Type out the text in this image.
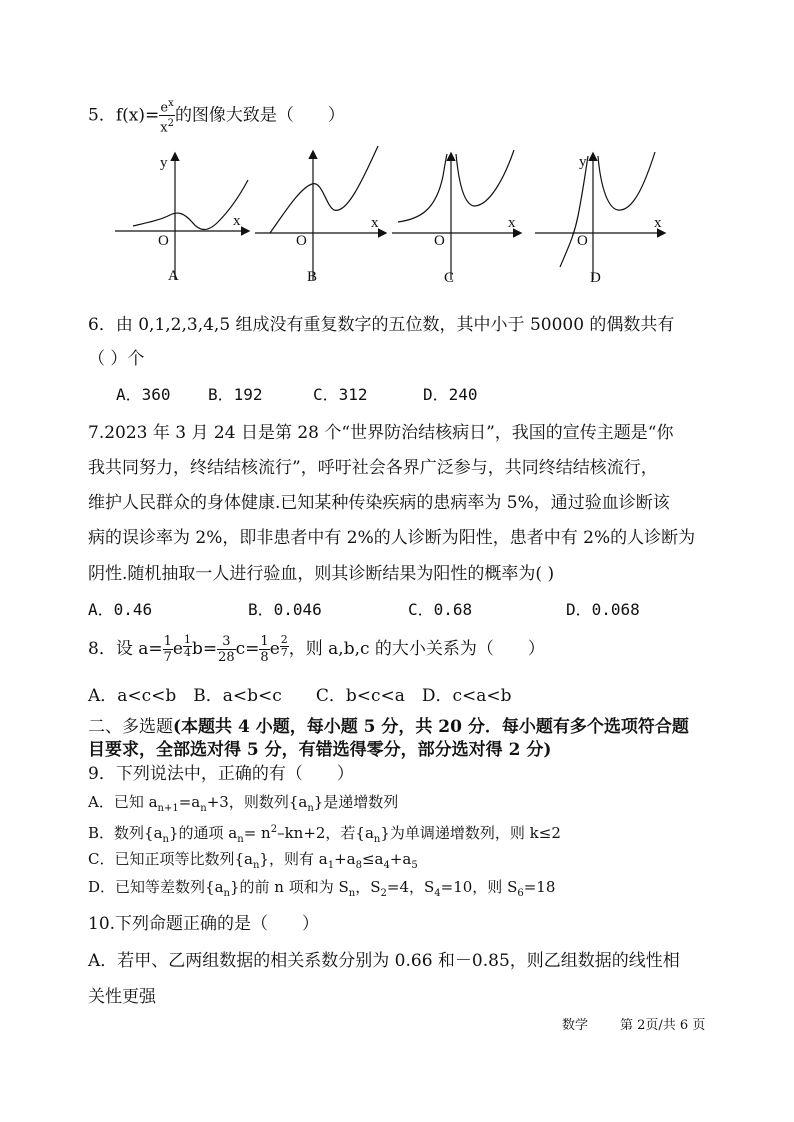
5．$f(x)= \frac{e^x}{x^2}$ 的图像大致是（　　）
y
x
O
A
x
O
B
x
O
C
y
x
O
D
6．由 0,1,2,3,4,5 组成没有重复数字的五位数，其中小于 50000 的偶数共有
（ ）个
A．360 B．192	C．312	D．240
7.2023 年 3 月 24 日是第 28 个“世界防治结核病日”，我国的宣传主题是“你
我共同努力，终结结核流行”，呼吁社会各界广泛参与，共同终结结核流行，
维护人民群众的身体健康.已知某种传染疾病的患病率为 5%，通过验血诊断该
病的误诊率为 2%，即非患者中有 2%的人诊断为阳性，患者中有 2%的人诊断为
阴性.随机抽取一人进行验血，则其诊断结果为阳性的概率为( )
A．0.46	B．0.046	C．0.68	D．0.068
8．设 $a= \frac{1}{7}$ e $\frac{1}{4} b= \frac{3}{28} c= \frac{1}{8}$ e $\frac{2}{7}$ ，则 a,b,c 的大小关系为（　　）
A．a<c<b　B．a<b<c　　C．b<c<a　D．c<a<b
二、多选题(本题共 4 小题，每小题 5 分，共 20 分．每小题有多个选项符合题
目要求，全部选对得 5 分，有错选得零分，部分选对得 2 分)
9．下列说法中，正确的有（　　）
A．已知 $a_{n+1}=a_n+3$，则数列$\{a_n\}$是递增数列
B．数列$\{a_n\}$的通项 $a_n= n^2-kn+2$，若$\{a_n\}$为单调递增数列，则 k≤2
C．已知正项等比数列$\{a_n\}$，则有 $a_1+a_8\le a_4+a_5$
D．已知等差数列$\{a_n\}$的前 n 项和为 $S_n$，$S_2=4$，$S_4=10$，则 $S_6=18$
10.下列命题正确的是（　　）
A．若甲、乙两组数据的相关系数分别为 0.66 和－0.85，则乙组数据的线性相
关性更强
数学 第 2页/共 6 页
